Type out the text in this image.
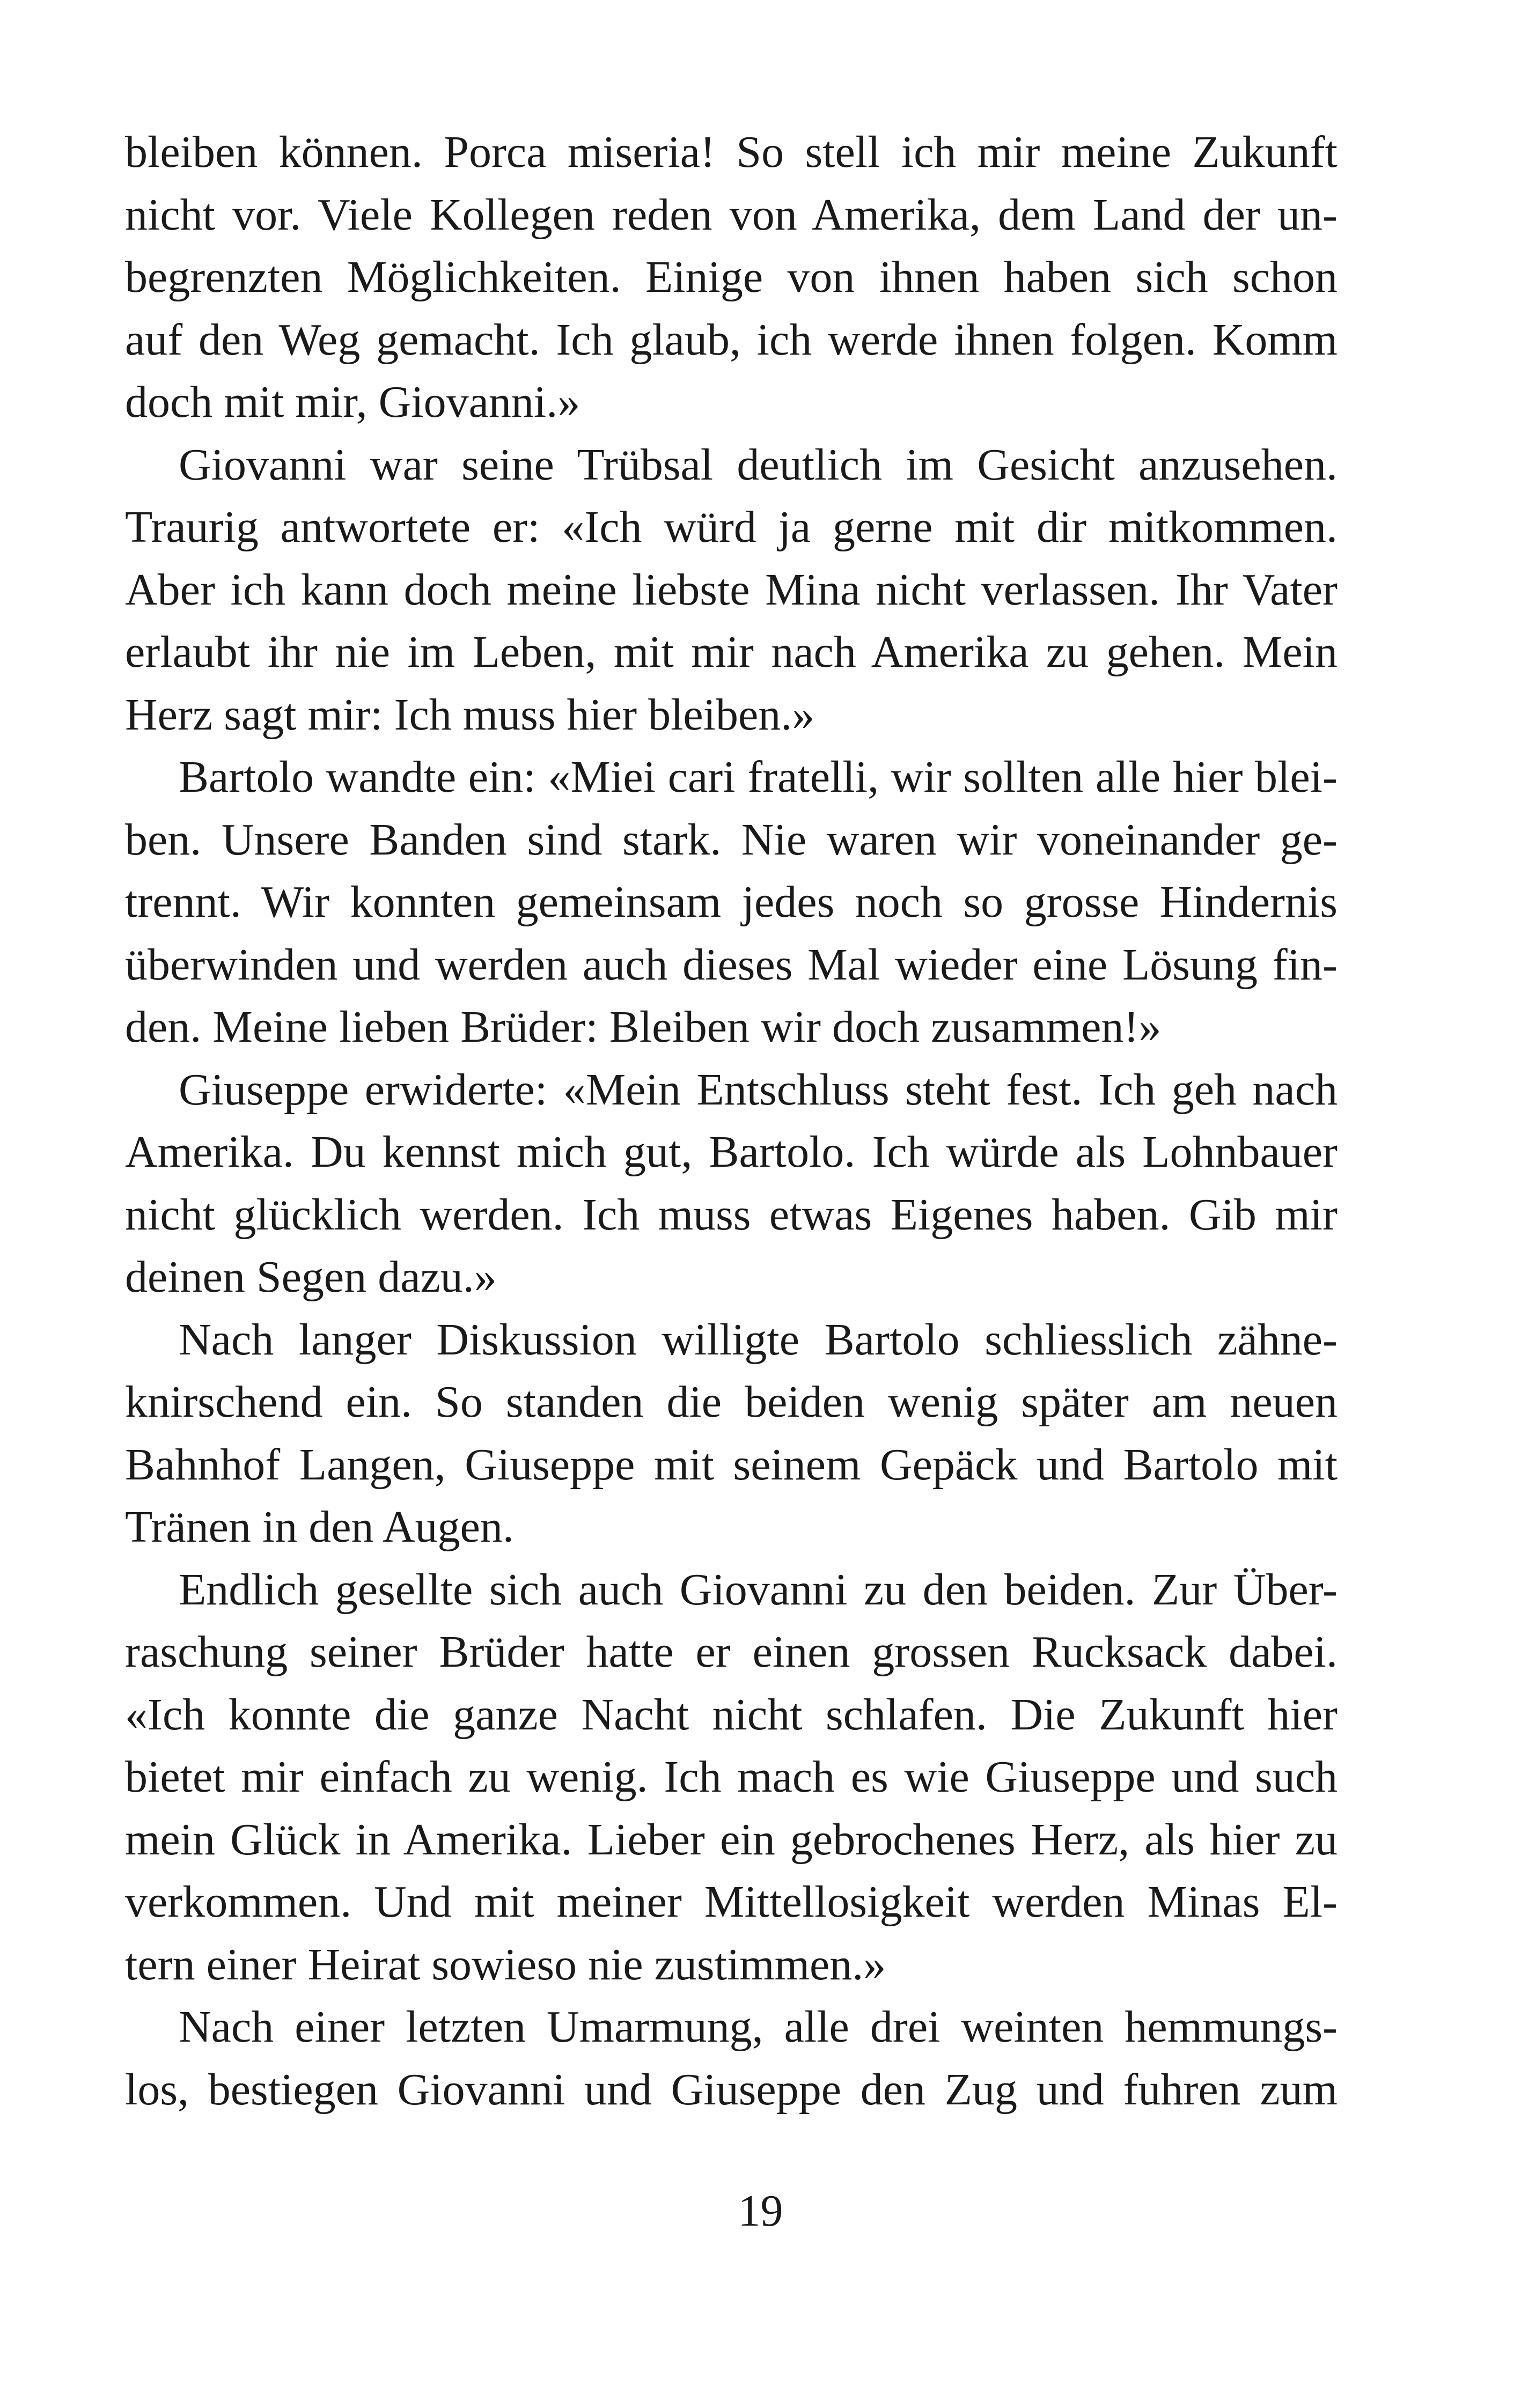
bleiben können. Porca miseria! So stell ich mir meine Zukunft
nicht vor. Viele Kollegen reden von Amerika, dem Land der un-
begrenzten Möglichkeiten. Einige von ihnen haben sich schon
auf den Weg gemacht. Ich glaub, ich werde ihnen folgen. Komm
doch mit mir, Giovanni.»
Giovanni war seine Trübsal deutlich im Gesicht anzusehen.
Traurig antwortete er: «Ich würd ja gerne mit dir mitkommen.
Aber ich kann doch meine liebste Mina nicht verlassen. Ihr Vater
erlaubt ihr nie im Leben, mit mir nach Amerika zu gehen. Mein
Herz sagt mir: Ich muss hier bleiben.»
Bartolo wandte ein: «Miei cari fratelli, wir sollten alle hier blei-
ben. Unsere Banden sind stark. Nie waren wir voneinander ge-
trennt. Wir konnten gemeinsam jedes noch so grosse Hindernis
überwinden und werden auch dieses Mal wieder eine Lösung fin-
den. Meine lieben Brüder: Bleiben wir doch zusammen!»
Giuseppe erwiderte: «Mein Entschluss steht fest. Ich geh nach
Amerika. Du kennst mich gut, Bartolo. Ich würde als Lohnbauer
nicht glücklich werden. Ich muss etwas Eigenes haben. Gib mir
deinen Segen dazu.»
Nach langer Diskussion willigte Bartolo schliesslich zähne-
knirschend ein. So standen die beiden wenig später am neuen
Bahnhof Langen, Giuseppe mit seinem Gepäck und Bartolo mit
Tränen in den Augen.
Endlich gesellte sich auch Giovanni zu den beiden. Zur Über-
raschung seiner Brüder hatte er einen grossen Rucksack dabei.
«Ich konnte die ganze Nacht nicht schlafen. Die Zukunft hier
bietet mir einfach zu wenig. Ich mach es wie Giuseppe und such
mein Glück in Amerika. Lieber ein gebrochenes Herz, als hier zu
verkommen. Und mit meiner Mittellosigkeit werden Minas El-
tern einer Heirat sowieso nie zustimmen.»
Nach einer letzten Umarmung, alle drei weinten hemmungs-
los, bestiegen Giovanni und Giuseppe den Zug und fuhren zum
19
